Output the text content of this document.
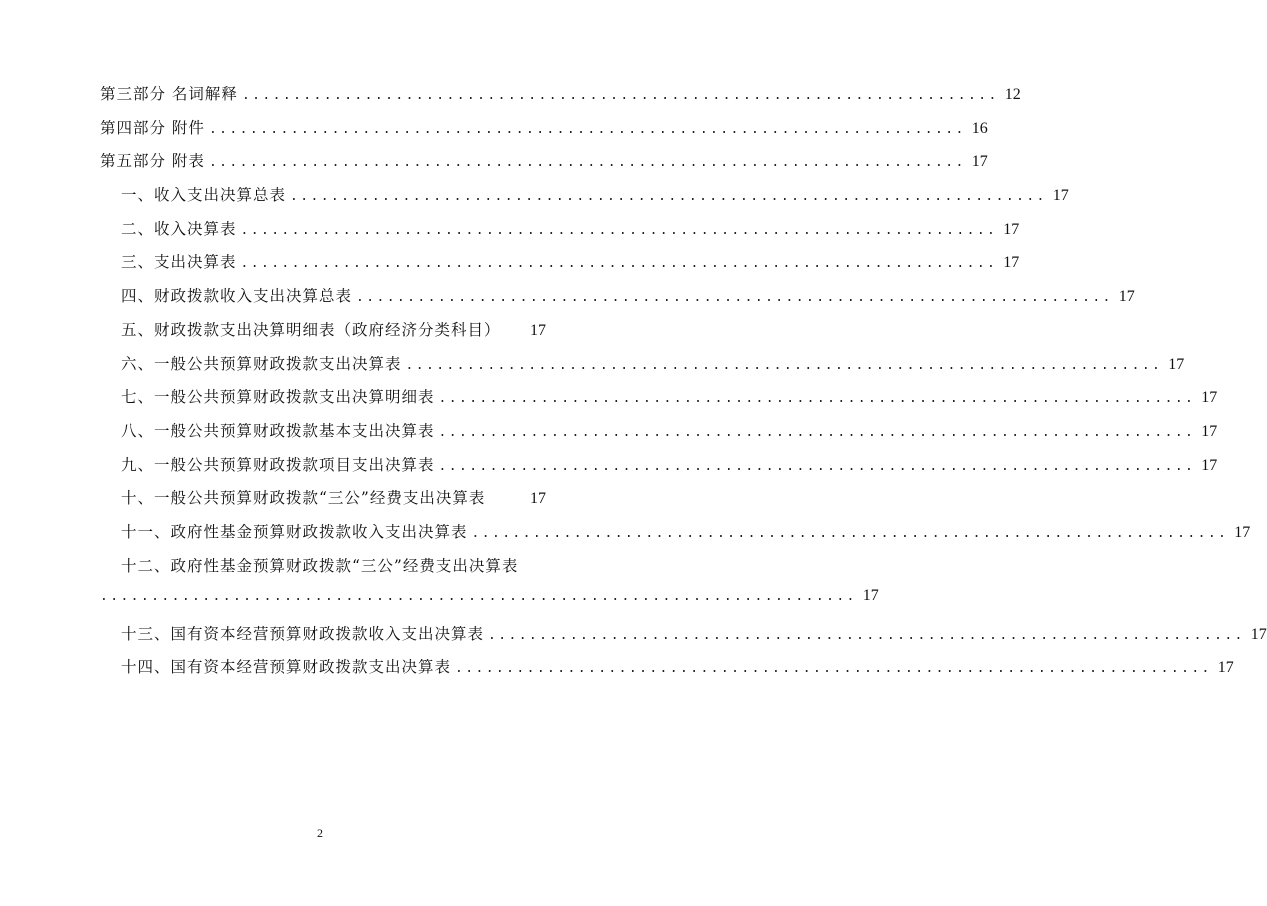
第三部分 名词解释 .......................................................................... 12
第四部分 附件 .......................................................................... 16
第五部分 附表 .......................................................................... 17
一、收入支出决算总表 .......................................................................... 17
二、收入决算表 .......................................................................... 17
三、支出决算表 .......................................................................... 17
四、财政拨款收入支出决算总表 .......................................................................... 17
五、财政拨款支出决算明细表（政府经济分类科目） 17
六、一般公共预算财政拨款支出决算表 .......................................................................... 17
七、一般公共预算财政拨款支出决算明细表 .......................................................................... 17
八、一般公共预算财政拨款基本支出决算表 .......................................................................... 17
九、一般公共预算财政拨款项目支出决算表 .......................................................................... 17
十、一般公共预算财政拨款“三公”经费支出决算表	17
十一、政府性基金预算财政拨款收入支出决算表 .......................................................................... 17
十二、政府性基金预算财政拨款“三公”经费支出决算表
.......................................................................... 17
十三、国有资本经营预算财政拨款收入支出决算表 .......................................................................... 17
十四、国有资本经营预算财政拨款支出决算表 .......................................................................... 17
2
